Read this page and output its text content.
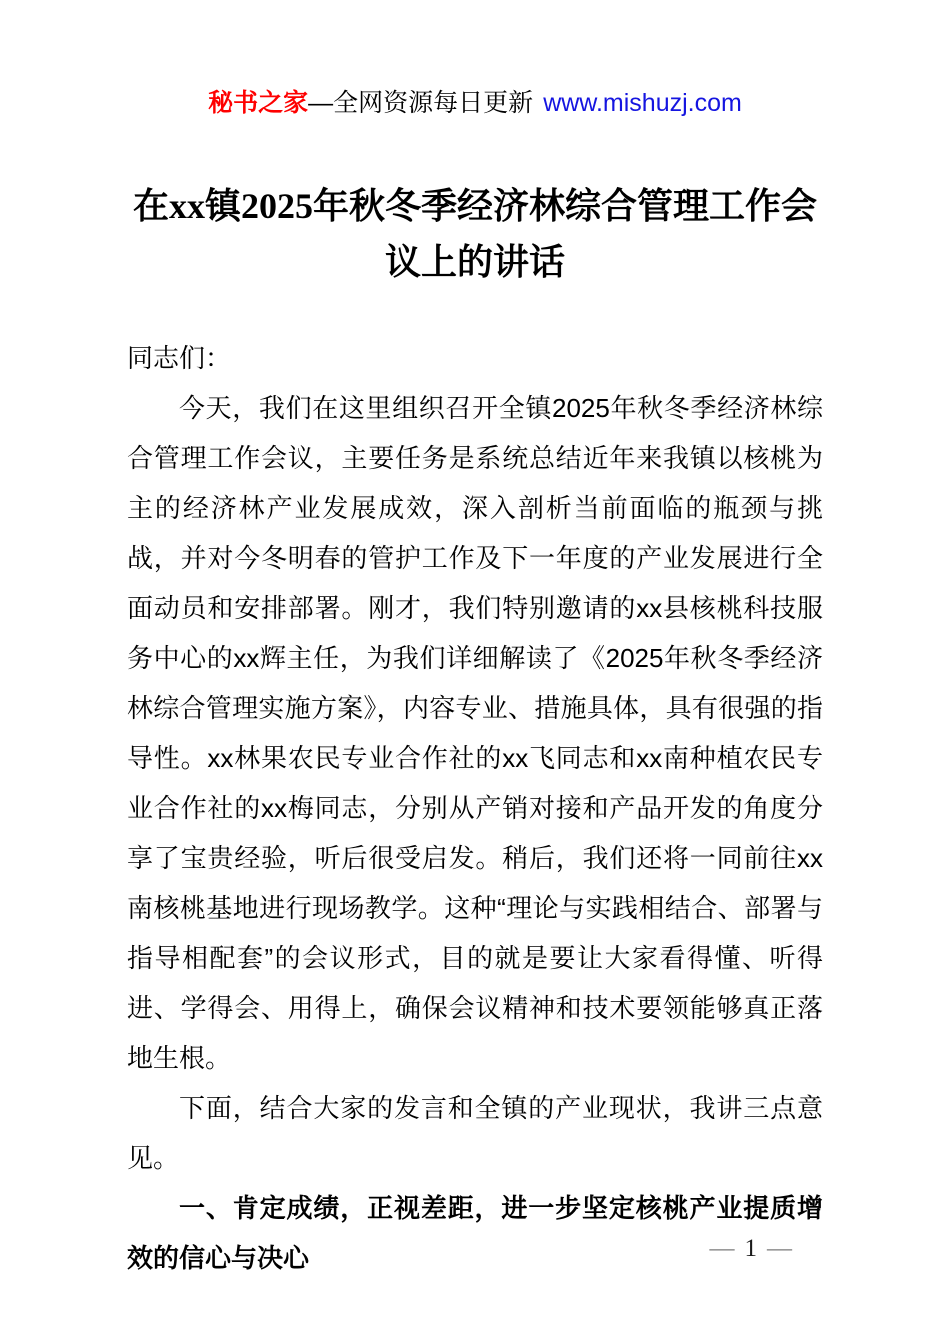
秘书之家—全网资源每日更新 www.mishuzj.com
在xx镇2025年秋冬季经济林综合管理工作会议上的讲话

同志们：

今天，我们在这里组织召开全镇2025年秋冬季经济林综合管理工作会议，主要任务是系统总结近年来我镇以核桃为主的经济林产业发展成效，深入剖析当前面临的瓶颈与挑战，并对今冬明春的管护工作及下一年度的产业发展进行全面动员和安排部署。刚才，我们特别邀请的xx县核桃科技服务中心的xx辉主任，为我们详细解读了《2025年秋冬季经济林综合管理实施方案》，内容专业、措施具体，具有很强的指导性。xx林果农民专业合作社的xx飞同志和xx南种植农民专业合作社的xx梅同志，分别从产销对接和产品开发的角度分享了宝贵经验，听后很受启发。稍后，我们还将一同前往xx南核桃基地进行现场教学。这种“理论与实践相结合、部署与指导相配套”的会议形式，目的就是要让大家看得懂、听得进、学得会、用得上，确保会议精神和技术要领能够真正落地生根。

下面，结合大家的发言和全镇的产业现状，我讲三点意见。

一、肯定成绩，正视差距，进一步坚定核桃产业提质增效的信心与决心	— 1 —
